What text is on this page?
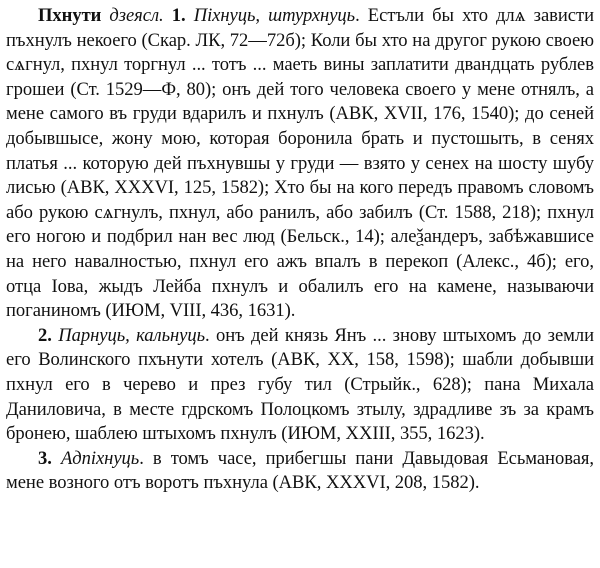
Пхнути дзеясл. 1. Піхнуць, штурхнуць. Естъли бы хто длѧ зависти пъхнулъ некоего (Скар. ЛК, 72—72б); Коли бы хто на другог рукою своею сѧгнул, пхнул торгнул ... тотъ ... маеть вины заплатити двандцать рублев грошеи (Ст. 1529—Ф, 80); онъ дей того человека своего у мене отнялъ, а мене самого въ груди вдарилъ и пхнулъ (АВК, XVII, 176, 1540); до сеней добывшысе, жону мою, которая боронила брать и пустошыть, в сенях платья ... которую дей пъхнувшы у груди — взято у сенех на шосту шубу лисью (АВК, XXXVI, 125, 1582); Хто бы на кого передъ правомъ словомъ або рукою сѧгнулъ, пхнул, або ранилъ, або забилъ (Ст. 1588, 218); пхнул его ногою и подбрил нан вес люд (Бельск., 14); алеѯандеръ, забѣжавшисе на него навалностью, пхнул его ажъ впалъ в перекоп (Алекс., 4б); его, отца Іова, жыдъ Лейба пхнулъ и обалилъ его на камене, называючи поганиномъ (ИЮМ, VIII, 436, 1631).

2. Парнуць, кальнуць. онъ дей князь Янъ ... знову штыхомъ до земли его Волинского пхънути хотелъ (АВК, XX, 158, 1598); шабли добывши пхнул его в черево и през губу тил (Стрыйк., 628); пана Михала Даниловича, в месте гдрскомъ Полоцкомъ зтылу, здрадливе зъ за крамъ бронею, шаблею штыхомъ пхнулъ (ИЮМ, XXIII, 355, 1623).

3. Адпіхнуць. в томъ часе, прибегшы пани Давыдовая Есьмановая, мене возного отъ воротъ пъхнула (АВК, XXXVI, 208, 1582).
